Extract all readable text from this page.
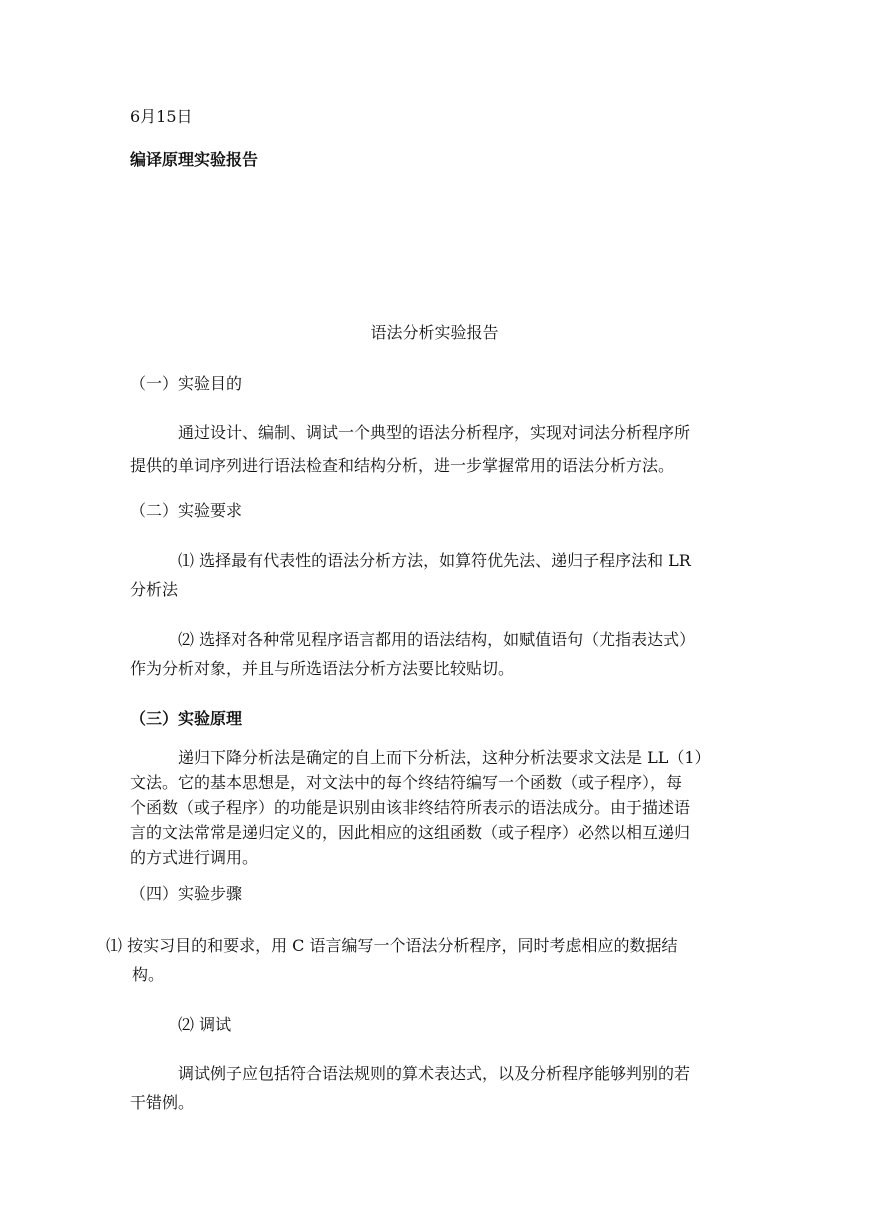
6月15日
编译原理实验报告
语法分析实验报告
（一）实验目的
通过设计、编制、调试一个典型的语法分析程序，实现对词法分析程序所
提供的单词序列进行语法检查和结构分析，进一步掌握常用的语法分析方法。
（二）实验要求
⑴ 选择最有代表性的语法分析方法，如算符优先法、递归子程序法和 LR
分析法
⑵ 选择对各种常见程序语言都用的语法结构，如赋值语句（尤指表达式）
作为分析对象，并且与所选语法分析方法要比较贴切。
（三）实验原理
递归下降分析法是确定的自上而下分析法，这种分析法要求文法是 LL（1）
文法。它的基本思想是，对文法中的每个终结符编写一个函数（或子程序），每
个函数（或子程序）的功能是识别由该非终结符所表示的语法成分。由于描述语
言的文法常常是递归定义的，因此相应的这组函数（或子程序）必然以相互递归
的方式进行调用。
（四）实验步骤
⑴ 按实习目的和要求，用 C 语言编写一个语法分析程序，同时考虑相应的数据结
构。
⑵ 调试
调试例子应包括符合语法规则的算术表达式，以及分析程序能够判别的若
干错例。
